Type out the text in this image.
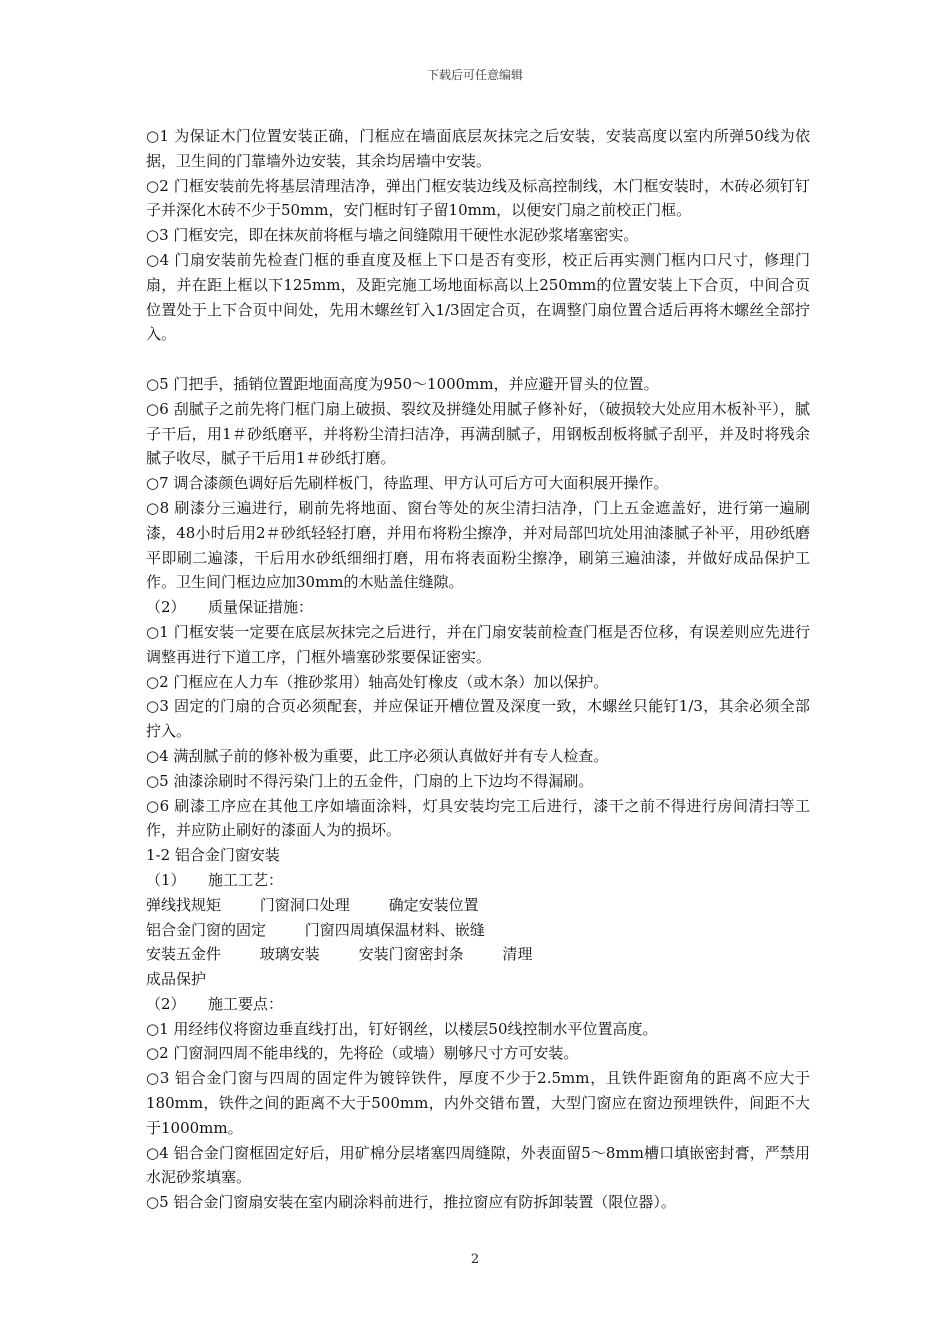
下载后可任意编辑

○1 为保证木门位置安装正确，门框应在墙面底层灰抹完之后安装，安装高度以室内所弹50线为依据，卫生间的门靠墙外边安装，其余均居墙中安装。

○2 门框安装前先将基层清理洁净，弹出门框安装边线及标高控制线，木门框安装时，木砖必须钉钉子并深化木砖不少于50mm，安门框时钉子留10mm，以便安门扇之前校正门框。

○3 门框安完，即在抹灰前将框与墙之间缝隙用干硬性水泥砂浆堵塞密实。

○4 门扇安装前先检查门框的垂直度及框上下口是否有变形，校正后再实测门框内口尺寸，修理门扇，并在距上框以下125mm，及距完施工场地面标高以上250mm的位置安装上下合页，中间合页位置处于上下合页中间处，先用木螺丝钉入1/3固定合页，在调整门扇位置合适后再将木螺丝全部拧入。

○5 门把手，插销位置距地面高度为950～1000mm，并应避开冒头的位置。

○6 刮腻子之前先将门框门扇上破损、裂纹及拼缝处用腻子修补好，（破损较大处应用木板补平），腻子干后，用1＃砂纸磨平，并将粉尘清扫洁净，再满刮腻子，用钢板刮板将腻子刮平，并及时将残余腻子收尽，腻子干后用1＃砂纸打磨。

○7 调合漆颜色调好后先刷样板门，待监理、甲方认可后方可大面积展开操作。

○8 刷漆分三遍进行，刷前先将地面、窗台等处的灰尘清扫洁净，门上五金遮盖好，进行第一遍刷漆，48小时后用2＃砂纸轻轻打磨，并用布将粉尘擦净，并对局部凹坑处用油漆腻子补平，用砂纸磨平即刷二遍漆，干后用水砂纸细细打磨，用布将表面粉尘擦净，刷第三遍油漆，并做好成品保护工作。卫生间门框边应加30mm的木贴盖住缝隙。

（2）　　质量保证措施：

○1 门框安装一定要在底层灰抹完之后进行，并在门扇安装前检查门框是否位移，有误差则应先进行调整再进行下道工序，门框外墙塞砂浆要保证密实。

○2 门框应在人力车（推砂浆用）轴高处钉橡皮（或木条）加以保护。

○3 固定的门扇的合页必须配套，并应保证开槽位置及深度一致，木螺丝只能钉1/3，其余必须全部拧入。

○4 满刮腻子前的修补极为重要，此工序必须认真做好并有专人检查。

○5 油漆涂刷时不得污染门上的五金件，门扇的上下边均不得漏刷。

○6 刷漆工序应在其他工序如墙面涂料，灯具安装均完工后进行，漆干之前不得进行房间清扫等工作，并应防止刷好的漆面人为的损坏。

1-2 铝合金门窗安装

（1）　　施工工艺：

弹线找规矩	门窗洞口处理	确定安装位置
铝合金门窗的固定	门窗四周填保温材料、嵌缝
安装五金件	玻璃安装	安装门窗密封条	清理
成品保护

（2）　　施工要点：

○1 用经纬仪将窗边垂直线打出，钉好钢丝，以楼层50线控制水平位置高度。

○2 门窗洞四周不能串线的，先将砼（或墙）剔够尺寸方可安装。

○3 铝合金门窗与四周的固定件为镀锌铁件，厚度不少于2.5mm，且铁件距窗角的距离不应大于180mm，铁件之间的距离不大于500mm，内外交错布置，大型门窗应在窗边预埋铁件，间距不大于1000mm。

○4 铝合金门窗框固定好后，用矿棉分层堵塞四周缝隙，外表面留5～8mm槽口填嵌密封膏，严禁用水泥砂浆填塞。

○5 铝合金门窗扇安装在室内刷涂料前进行，推拉窗应有防拆卸装置（限位器）。

2
